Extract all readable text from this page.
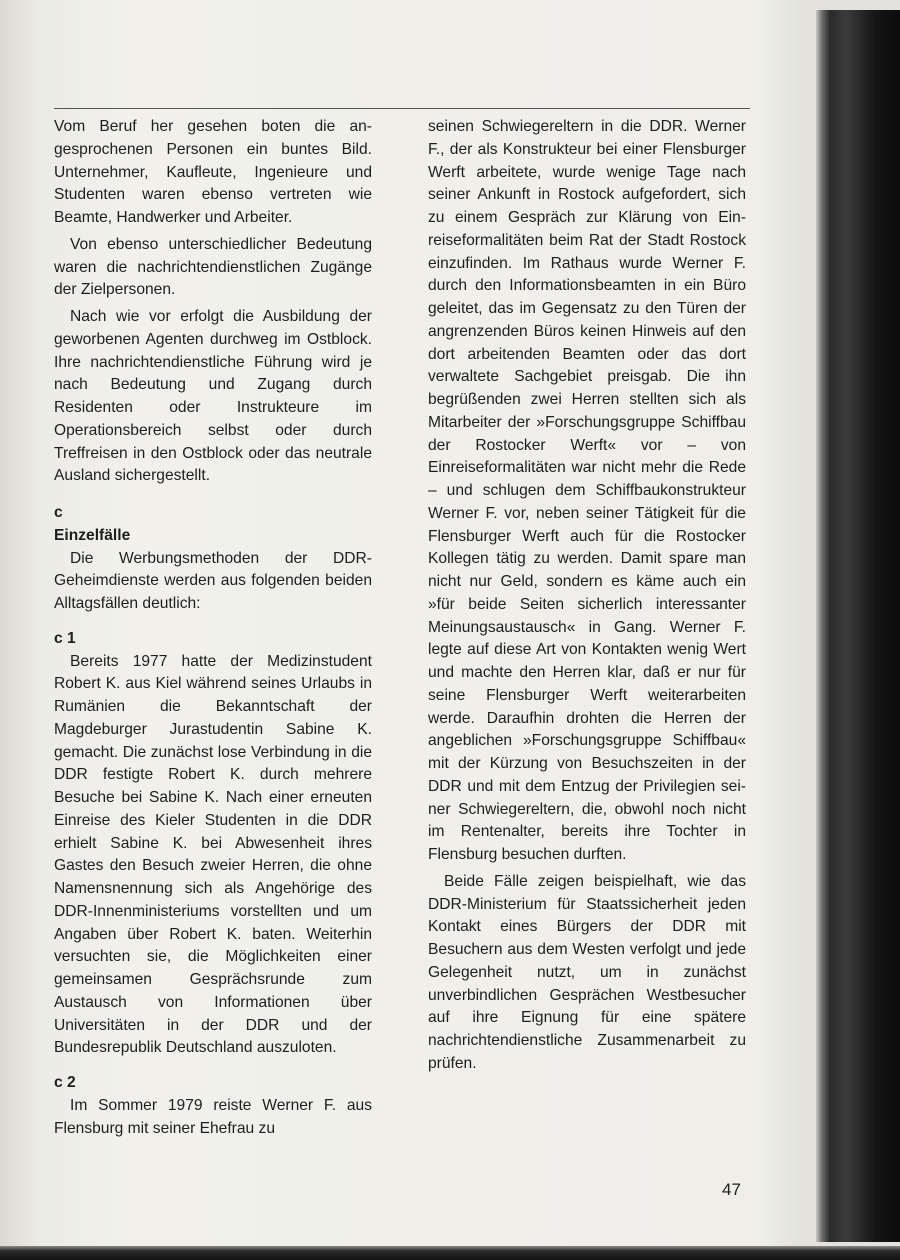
Vom Beruf her gesehen boten die angesprochenen Personen ein buntes Bild. Unternehmer, Kaufleute, Ingenieure und Studenten waren ebenso vertreten wie Beamte, Handwerker und Arbeiter.

Von ebenso unterschiedlicher Bedeutung waren die nachrichtendienstlichen Zugänge der Zielpersonen.

Nach wie vor erfolgt die Ausbildung der geworbenen Agenten durchweg im Ostblock. Ihre nachrichtendienstliche Führung wird je nach Bedeutung und Zugang durch Residenten oder Instrukteure im Operationsbereich selbst oder durch Treffreisen in den Ostblock oder das neutrale Ausland sichergestellt.

c
Einzelfälle

Die Werbungsmethoden der DDR-Geheimdienste werden aus folgenden beiden Alltagsfällen deutlich:

c 1

Bereits 1977 hatte der Medizinstudent Robert K. aus Kiel während seines Urlaubs in Rumänien die Bekanntschaft der Magdeburger Jurastudentin Sabine K. gemacht. Die zunächst lose Verbindung in die DDR festigte Robert K. durch mehrere Besuche bei Sabine K. Nach einer erneuten Einreise des Kieler Studenten in die DDR erhielt Sabine K. bei Abwesenheit ihres Gastes den Besuch zweier Herren, die ohne Namensnennung sich als Angehörige des DDR-Innenministeriums vorstellten und um Angaben über Robert K. baten. Weiterhin versuchten sie, die Möglichkeiten einer gemeinsamen Gesprächsrunde zum Austausch von Informationen über Universitäten in der DDR und der Bundesrepublik Deutschland auszuloten.

c 2

Im Sommer 1979 reiste Werner F. aus Flensburg mit seiner Ehefrau zu

seinen Schwiegereltern in die DDR. Werner F., der als Konstrukteur bei einer Flensburger Werft arbeitete, wurde wenige Tage nach seiner Ankunft in Rostock aufgefordert, sich zu einem Gespräch zur Klärung von Einreiseformalitäten beim Rat der Stadt Rostock einzufinden. Im Rathaus wurde Werner F. durch den Informationsbeamten in ein Büro geleitet, das im Gegensatz zu den Türen der angrenzenden Büros keinen Hinweis auf den dort arbeitenden Beamten oder das dort verwaltete Sachgebiet preisgab. Die ihn begrüßenden zwei Herren stellten sich als Mitarbeiter der »Forschungsgruppe Schiffbau der Rostocker Werft« vor – von Einreiseformalitäten war nicht mehr die Rede – und schlugen dem Schiffbaukonstrukteur Werner F. vor, neben seiner Tätigkeit für die Flensburger Werft auch für die Rostocker Kollegen tätig zu werden. Damit spare man nicht nur Geld, sondern es käme auch ein »für beide Seiten sicherlich interessanter Meinungsaustausch« in Gang. Werner F. legte auf diese Art von Kontakten wenig Wert und machte den Herren klar, daß er nur für seine Flensburger Werft weiterarbeiten werde. Daraufhin drohten die Herren der angeblichen »Forschungsgruppe Schiffbau« mit der Kürzung von Besuchszeiten in der DDR und mit dem Entzug der Privilegien seiner Schwiegereltern, die, obwohl noch nicht im Rentenalter, bereits ihre Tochter in Flensburg besuchen durften.

Beide Fälle zeigen beispielhaft, wie das DDR-Ministerium für Staatssicherheit jeden Kontakt eines Bürgers der DDR mit Besuchern aus dem Westen verfolgt und jede Gelegenheit nutzt, um in zunächst unverbindlichen Gesprächen Westbesucher auf ihre Eignung für eine spätere nachrichtendienstliche Zusammenarbeit zu prüfen.

47
